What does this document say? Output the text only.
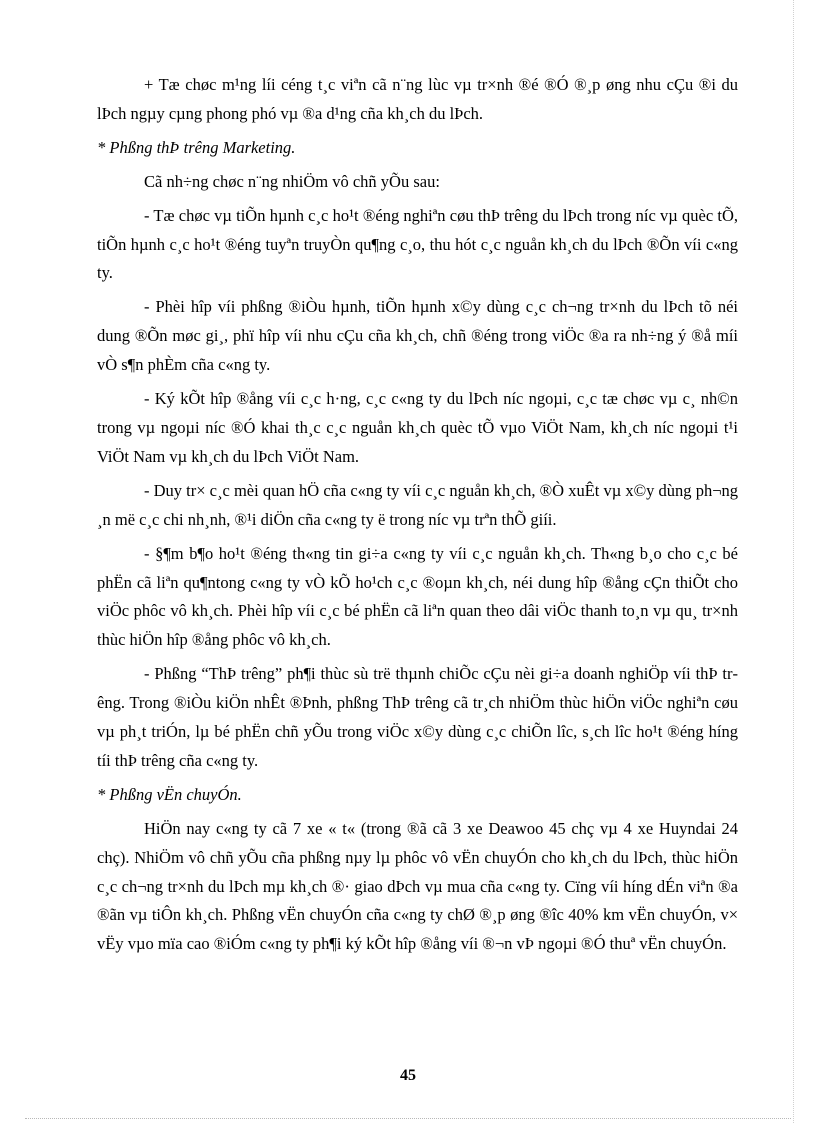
+ Tæ chøc m¹ng líi céng t¸c viªn cã n¨ng lùc vµ tr×nh ®é ®Ó ®¸p øng nhu cÇu ®i du lÞch ngµy cµng phong phó vµ ®a d¹ng cña kh¸ch du lÞch.

* Phßng thÞ trêng Marketing.

Cã nh÷ng chøc n¨ng nhiÖm vô chñ yÕu sau:

- Tæ chøc vµ tiÕn hµnh c¸c ho¹t ®éng nghiªn cøu thÞ trêng du lÞch trong níc vµ quèc tÕ, tiÕn hµnh c¸c ho¹t ®éng tuyªn truyÒn qu¶ng c¸o, thu hót c¸c nguån kh¸ch du lÞch ®Õn víi c«ng ty.

- Phèi hîp víi phßng ®iÒu hµnh, tiÕn hµnh x©y dùng c¸c ch¬ng tr×nh du lÞch tõ néi dung ®Õn møc gi¸, phï hîp víi nhu cÇu cña kh¸ch, chñ ®éng trong viÖc ®a ra nh÷ng ý ®å míi vÒ s¶n phÈm cña c«ng ty.

- Ký kÕt hîp ®ång víi c¸c h·ng, c¸c c«ng ty du lÞch níc ngoµi, c¸c tæ chøc vµ c¸ nh©n trong vµ ngoµi níc ®Ó khai th¸c c¸c nguån kh¸ch quèc tÕ vµo ViÖt Nam, kh¸ch níc ngoµi t¹i ViÖt Nam vµ kh¸ch du lÞch ViÖt Nam.

- Duy tr× c¸c mèi quan hÖ cña c«ng ty víi c¸c nguån kh¸ch, ®Ò xuÊt vµ x©y dùng ph¬ng ¸n më c¸c chi nh¸nh, ®¹i diÖn cña c«ng ty ë trong níc vµ trªn thÕ giíi.

- §¶m b¶o ho¹t ®éng th«ng tin gi÷a c«ng ty víi c¸c nguån kh¸ch. Th«ng b¸o cho c¸c bé phËn cã liªn qu¶ntong c«ng ty vÒ kÕ ho¹ch c¸c ®oµn kh¸ch, néi dung hîp ®ång cÇn thiÕt cho viÖc phôc vô kh¸ch. Phèi hîp víi c¸c bé phËn cã liªn quan theo dâi viÖc thanh to¸n vµ qu¸ tr×nh thùc hiÖn hîp ®ång phôc vô kh¸ch.

- Phßng “ThÞ trêng” ph¶i thùc sù trë thµnh chiÕc cÇu nèi gi÷a doanh nghiÖp víi thÞ trêng. Trong ®iÒu kiÖn nhÊt ®Þnh, phßng ThÞ trêng cã tr¸ch nhiÖm thùc hiÖn viÖc nghiªn cøu vµ ph¸t triÓn, lµ bé phËn chñ yÕu trong viÖc x©y dùng c¸c chiÕn lîc, s¸ch lîc ho¹t ®éng híng tíi thÞ trêng cña c«ng ty.

* Phßng vËn chuyÓn.

HiÖn nay c«ng ty cã 7 xe « t« (trong ®ã cã 3 xe Deawoo 45 chç vµ 4 xe Huyndai 24 chç). NhiÖm vô chñ yÕu cña phßng nµy lµ phôc vô vËn chuyÓn cho kh¸ch du lÞch, thùc hiÖn c¸c ch¬ng tr×nh du lÞch mµ kh¸ch ®· giao dÞch vµ mua cña c«ng ty. Cïng víi híng dÉn viªn ®a ®ãn vµ tiÔn kh¸ch. Phßng vËn chuyÓn cña c«ng ty chØ ®¸p øng ®îc 40% km vËn chuyÓn, v× vËy vµo mïa cao ®iÓm c«ng ty ph¶i ký kÕt hîp ®ång víi ®¬n vÞ ngoµi ®Ó thuª vËn chuyÓn.

45
